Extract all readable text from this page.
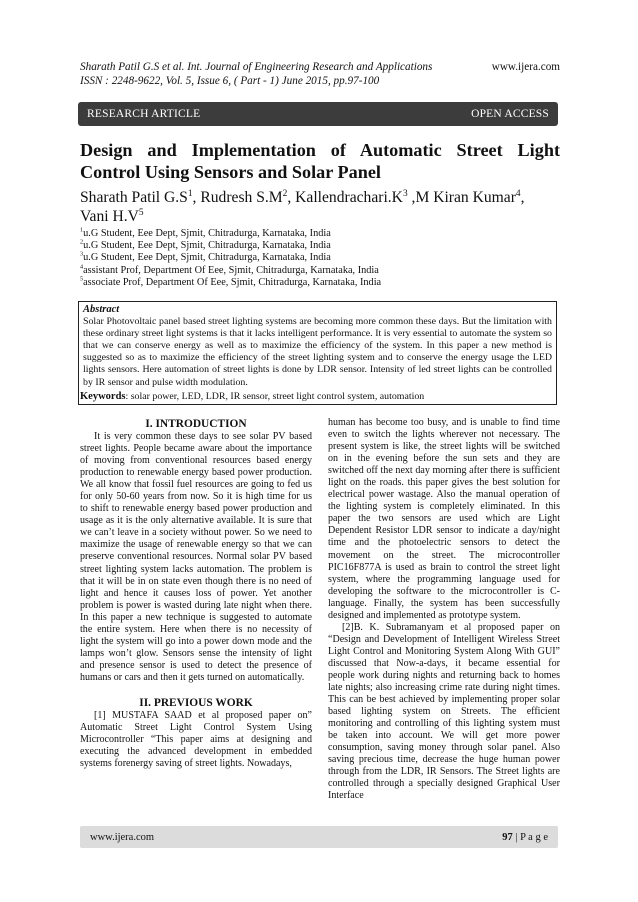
Sharath Patil G.S et al. Int. Journal of Engineering Research and Applications
ISSN : 2248-9622, Vol. 5, Issue 6, ( Part - 1) June 2015, pp.97-100
www.ijera.com
RESEARCH ARTICLE	OPEN ACCESS
Design and Implementation of Automatic Street Light Control Using Sensors and Solar Panel
Sharath Patil $G.S^1$, Rudresh $S.M^2$, $Kallendrachari.K^3$ ,M Kiran Kumar$^4$,
Vani $H.V^5$
$^1$u.G Student, Eee Dept, Sjmit, Chitradurga, Karnataka, India
$^2$u.G Student, Eee Dept, Sjmit, Chitradurga, Karnataka, India
$^3$u.G Student, Eee Dept, Sjmit, Chitradurga, Karnataka, India
$^4$assistant Prof, Department Of Eee, Sjmit, Chitradurga, Karnataka, India
$^5$associate Prof, Department Of Eee, Sjmit, Chitradurga, Karnataka, India
Abstract

Solar Photovoltaic panel based street lighting systems are becoming more common these days. But the limitation with these ordinary street light systems is that it lacks intelligent performance. It is very essential to automate the system so that we can conserve energy as well as to maximize the efficiency of the system. In this paper a new method is suggested so as to maximize the efficiency of the street lighting system and to conserve the energy usage the LED lights sensors. Here automation of street lights is done by LDR sensor. Intensity of led street lights can be controlled by IR sensor and pulse width modulation.

Keywords: solar power, LED, LDR, IR sensor, street light control system, automation
I. INTRODUCTION

It is very common these days to see solar PV based street lights. People became aware about the importance of moving from conventional resources based energy production to renewable energy based power production. We all know that fossil fuel resources are going to fed us for only 50-60 years from now. So it is high time for us to shift to renewable energy based power production and usage as it is the only alternative available. It is sure that we can’t leave in a society without power. So we need to maximize the usage of renewable energy so that we can preserve conventional resources. Normal solar PV based street lighting system lacks automation. The problem is that it will be in on state even though there is no need of light and hence it causes loss of power. Yet another problem is power is wasted during late night when there. In this paper a new technique is suggested to automate the entire system. Here when there is no necessity of light the system will go into a power down mode and the lamps won’t glow. Sensors sense the intensity of light and presence sensor is used to detect the presence of humans or cars and then it gets turned on automatically.

II. PREVIOUS WORK

[1] MUSTAFA SAAD et al proposed paper on” Automatic Street Light Control System Using Microcontroller “This paper aims at designing and executing the advanced development in embedded systems forenergy saving of street lights. Nowadays,

human has become too busy, and is unable to find time even to switch the lights wherever not necessary. The present system is like, the street lights will be switched on in the evening before the sun sets and they are switched off the next day morning after there is sufficient light on the roads. this paper gives the best solution for electrical power wastage. Also the manual operation of the lighting system is completely eliminated. In this paper the two sensors are used which are Light Dependent Resistor LDR sensor to indicate a day/night time and the photoelectric sensors to detect the movement on the street. The microcontroller PIC16F877A is used as brain to control the street light system, where the programming language used for developing the software to the microcontroller is C-language. Finally, the system has been successfully designed and implemented as prototype system.

[2]B. K. Subramanyam et al proposed paper on “Design and Development of Intelligent Wireless Street Light Control and Monitoring System Along With GUI” discussed that Now-a-days, it became essential for people work during nights and returning back to homes late nights; also increasing crime rate during night times. This can be best achieved by implementing proper solar based lighting system on Streets. The efficient monitoring and controlling of this lighting system must be taken into account. We will get more power consumption, saving money through solar panel. Also saving precious time, decrease the huge human power through from the LDR, IR Sensors. The Street lights are controlled through a specially designed Graphical User Interface

www.ijera.com	97 | P a g e
